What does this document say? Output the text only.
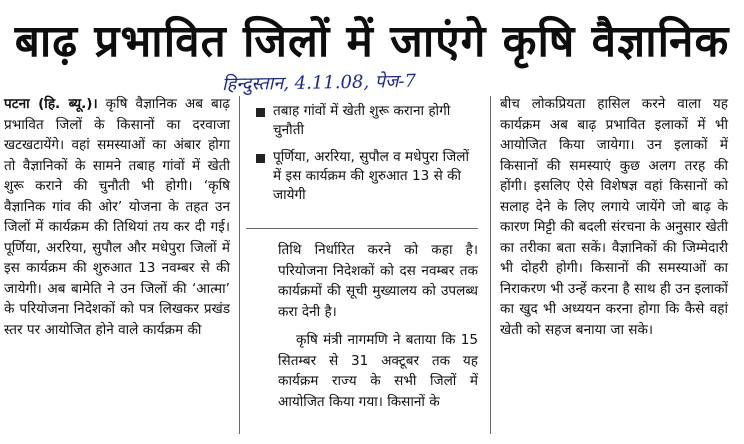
बाढ़ प्रभावित जिलों में जाएंगे कृषि वैज्ञानिक
हिन्दुस्तान, 4.11.08, पेज-7
पटना (हि. ब्यू.)। कृषि वैज्ञानिक अब बाढ़ प्रभावित जिलों के किसानों का दरवाजा खटखटायेंगे। वहां समस्याओं का अंबार होगा तो वैज्ञानिकों के सामने तबाह गांवों में खेती शुरू कराने की चुनौती भी होगी। ‘कृषि वैज्ञानिक गांव की ओर’ योजना के तहत उन जिलों में कार्यक्रम की तिथियां तय कर दी गई। पूर्णिया, अररिया, सुपौल और मधेपुरा जिलों में इस कार्यक्रम की शुरुआत 13 नवम्बर से की जायेगी। अब बामेति ने उन जिलों की ‘आत्मा’ के परियोजना निदेशकों को पत्र लिखकर प्रखंड स्तर पर आयोजित होने वाले कार्यक्रम की
तबाह गांवों में खेती शुरू कराना होगी चुनौती
पूर्णिया, अररिया, सुपौल व मधेपुरा जिलों में इस कार्यक्रम की शुरुआत 13 से की जायेगी
तिथि निर्धारित करने को कहा है। परियोजना निदेशकों को दस नवम्बर तक कार्यक्रमों की सूची मुख्यालय को उपलब्ध करा देनी है।
कृषि मंत्री नागमणि ने बताया कि 15 सितम्बर से 31 अक्टूबर तक यह कार्यक्रम राज्य के सभी जिलों में आयोजित किया गया। किसानों के
बीच लोकप्रियता हासिल करने वाला यह कार्यक्रम अब बाढ़ प्रभावित इलाकों में भी आयोजित किया जायेगा। उन इलाकों में किसानों की समस्याएं कुछ अलग तरह की होंगी। इसलिए ऐसे विशेषज्ञ वहां किसानों को सलाह देने के लिए लगाये जायेंगे जो बाढ़ के कारण मिट्टी की बदली संरचना के अनुसार खेती का तरीका बता सकें। वैज्ञानिकों की जिम्मेदारी भी दोहरी होगी। किसानों की समस्याओं का निराकरण भी उन्हें करना है साथ ही उन इलाकों का खुद भी अध्ययन करना होगा कि कैसे वहां खेती को सहज बनाया जा सके।
